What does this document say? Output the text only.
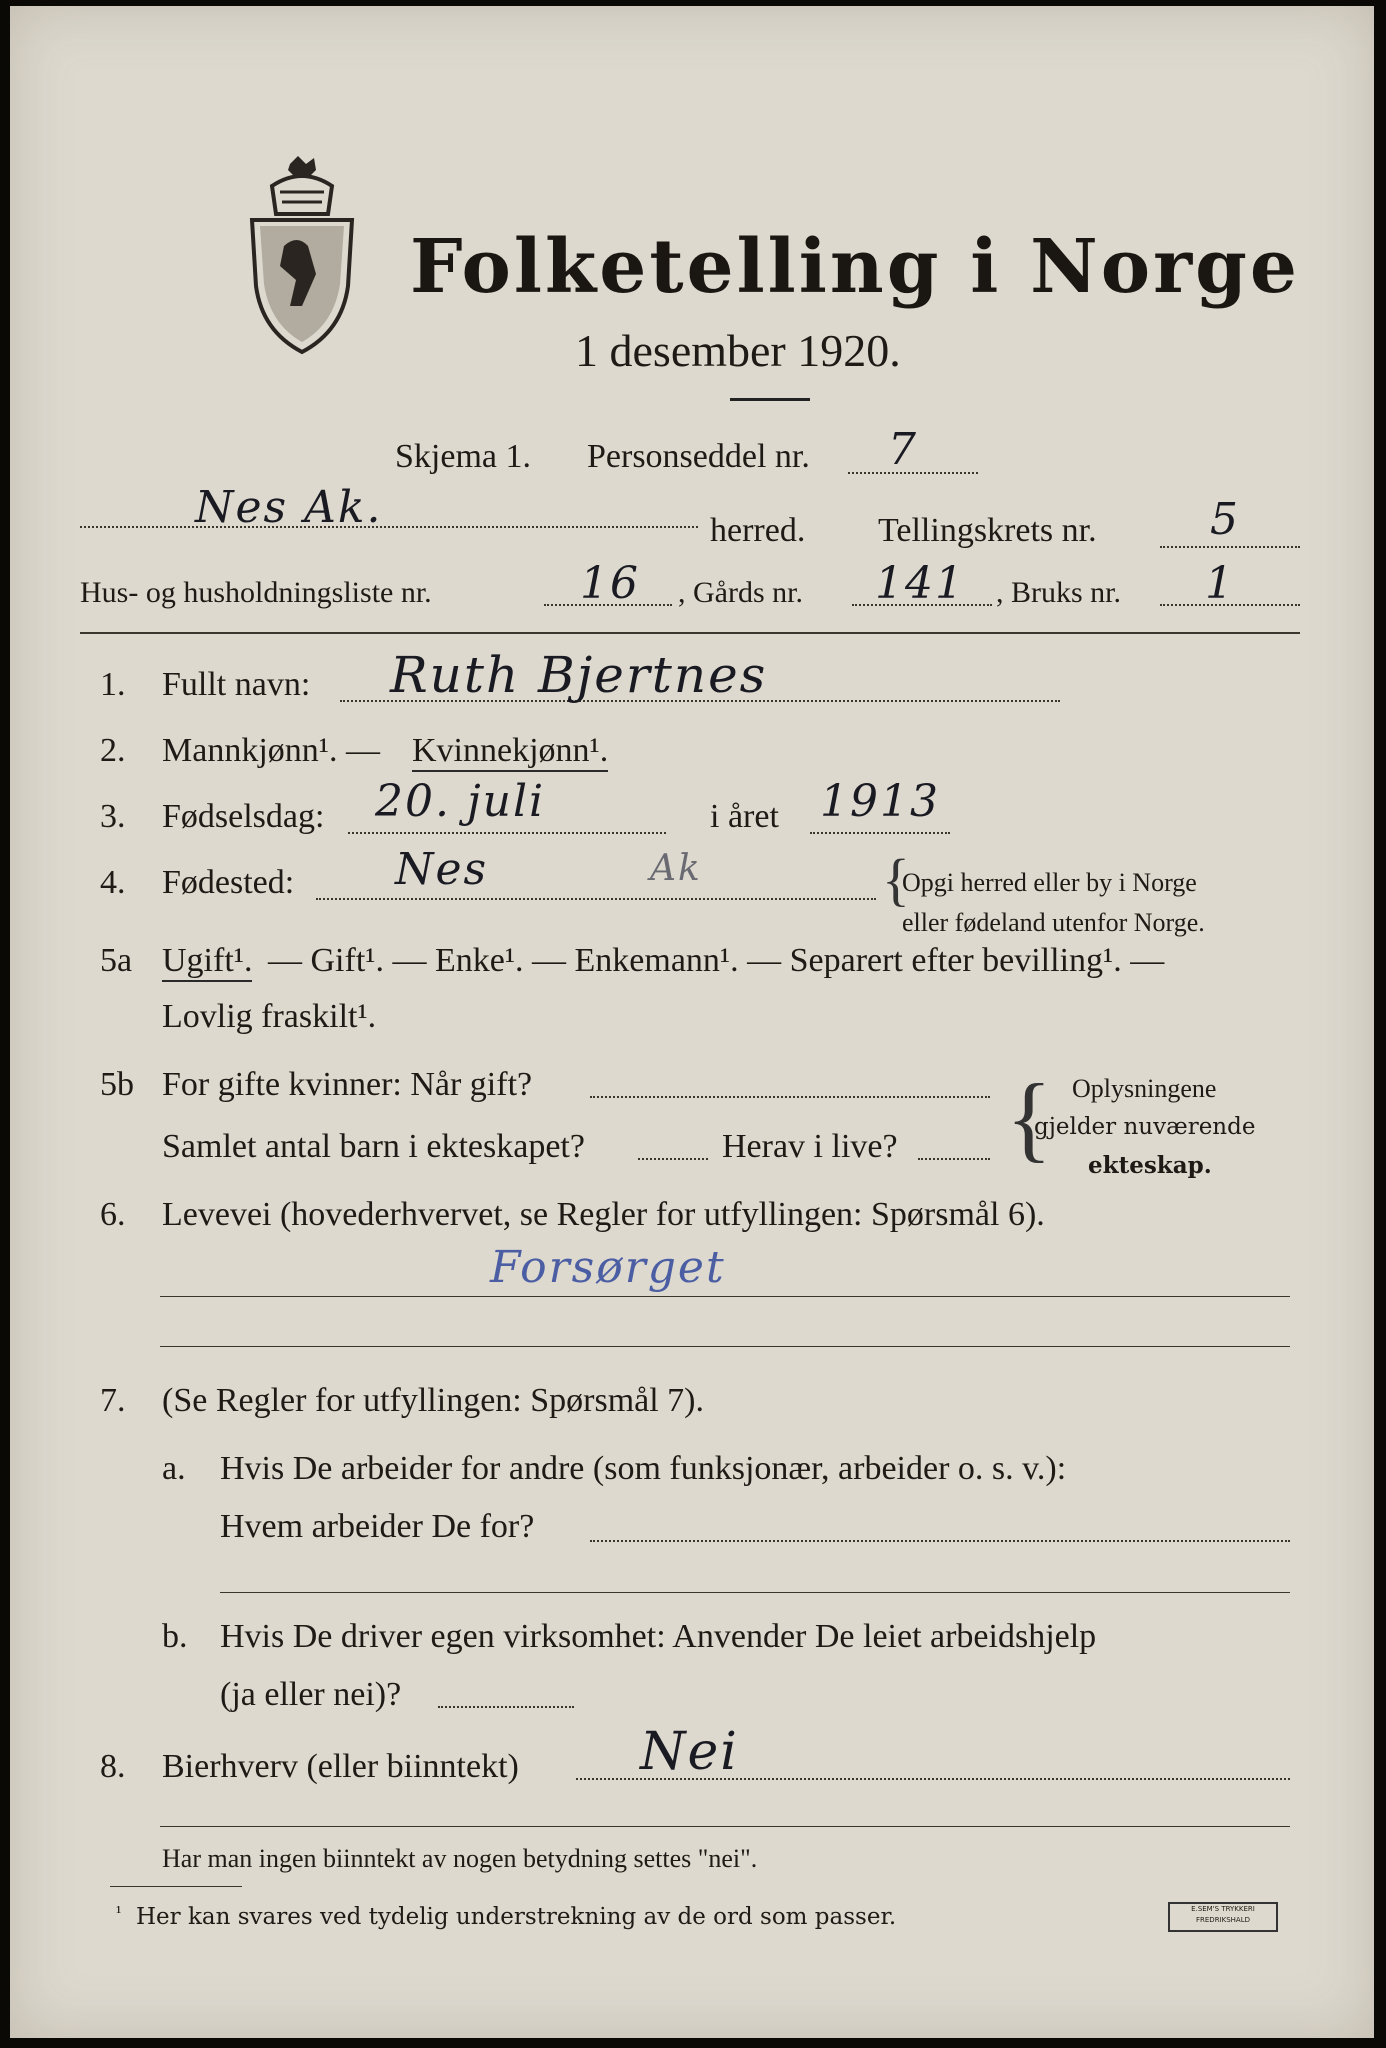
Folketelling i Norge
1 desember 1920.
Skjema 1. Personseddel nr. 7
Nes Ak.	herred. Tellingskrets nr.	5
Hus- og husholdningsliste nr.	16 , Gårds nr. 141 , Bruks nr. 1
1. Fullt navn: Ruth Bjertnes
2. Mannkjønn¹. — Kvinnekjønn¹.
3. Fødselsdag: 20. juli	i året 1913
4. Fødested: Nes	Ak	{
Opgi herred eller by i Norge
eller fødeland utenfor Norge.
5a Ugift¹. — Gift¹. — Enke¹. — Enkemann¹. — Separert efter bevilling¹. —
Lovlig fraskilt¹.
5b For gifte kvinner: Når gift?
Samlet antal barn i ekteskapet?	Herav i live? { Oplysningene
gjelder nuværende
ekteskap.
6. Levevei (hovederhvervet, se Regler for utfyllingen: Spørsmål 6).
Forsørget
7. (Se Regler for utfyllingen: Spørsmål 7).
a. Hvis De arbeider for andre (som funksjonær, arbeider o. s. v.):
Hvem arbeider De for?
b. Hvis De driver egen virksomhet: Anvender De leiet arbeidshjelp
(ja eller nei)?
8. Bierhverv (eller biinntekt) Nei
Har man ingen biinntekt av nogen betydning settes "nei".
¹ Her kan svares ved tydelig understrekning av de ord som passer.	E.SEM'S TRYKKERI FREDRIKSHALD
